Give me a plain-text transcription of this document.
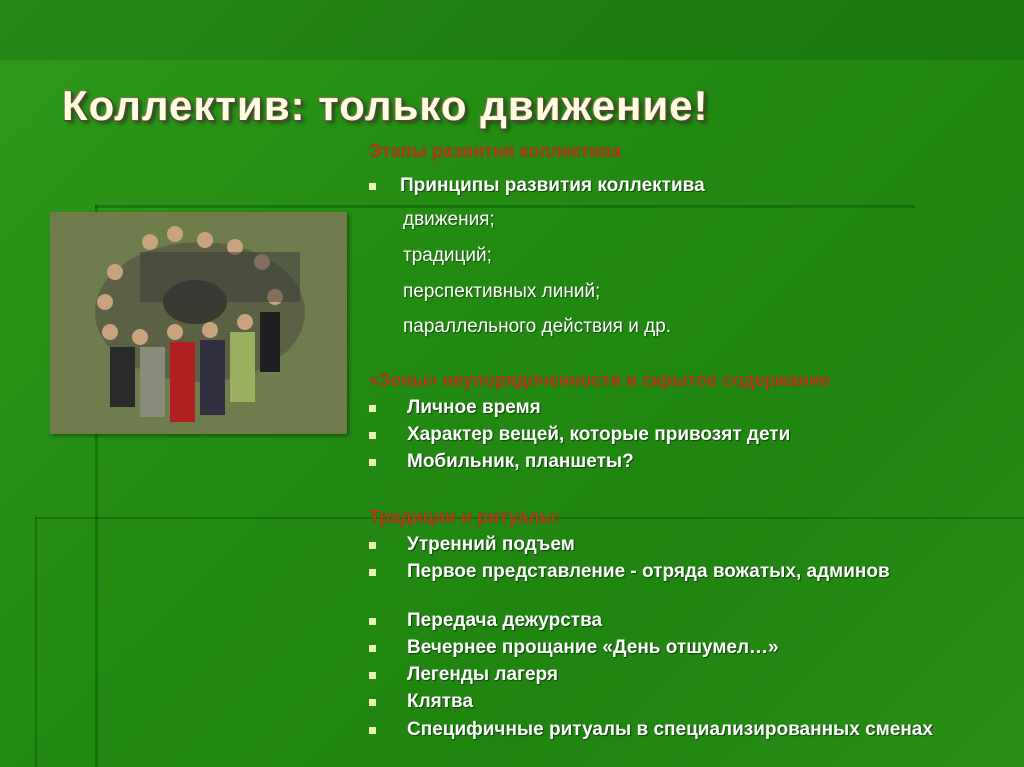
Коллектив: только движение!
Этапы развития коллектива
Принципы развития коллектива
движения;
традиций;
перспективных линий;
параллельного действия и др.
«Зоны» неупорядоченности и скрытое содержание
Личное время
Характер вещей, которые привозят дети
Мобильник, планшеты?
Традиции и ритуалы:
Утренний подъем
Первое представление - отряда вожатых, админов
Передача дежурства
Вечернее прощание «День отшумел…»
Легенды лагеря
Клятва
Специфичные ритуалы в специализированных сменах
